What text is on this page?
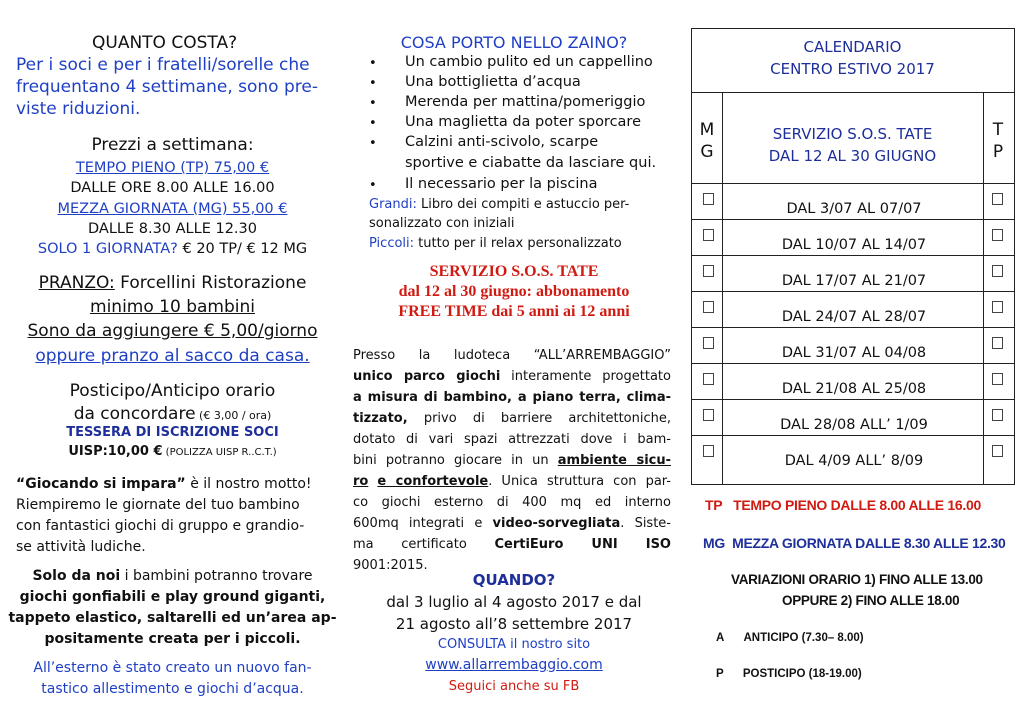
QUANTO COSTA?
Per i soci e per i fratelli/sorelle che
frequentano 4 settimane, sono pre-
viste riduzioni.
Prezzi a settimana:
TEMPO PIENO (TP) 75,00 €
DALLE ORE 8.00 ALLE 16.00
MEZZA GIORNATA (MG) 55,00 €
DALLE 8.30 ALLE 12.30
SOLO 1 GIORNATA? € 20 TP/ € 12 MG
PRANZO: Forcellini Ristorazione
minimo 10 bambini
Sono da aggiungere € 5,00/giorno
oppure pranzo al sacco da casa.
Posticipo/Anticipo orario
da concordare (€ 3,00 / ora)
TESSERA DI ISCRIZIONE SOCI
UISP:10,00 € (POLIZZA UISP R..C.T.)
“Giocando si impara” è il nostro motto!
Riempiremo le giornate del tuo bambino
con fantastici giochi di gruppo e grandio-
se attività ludiche.
Solo da noi i bambini potranno trovare
giochi gonfiabili e play ground giganti,
tappeto elastico, saltarelli ed un’area ap-
positamente creata per i piccoli.
All’esterno è stato creato un nuovo fan-
tastico allestimento e giochi d’acqua.
COSA PORTO NELLO ZAINO?
• Un cambio pulito ed un cappellino
• Una bottiglietta d’acqua
• Merenda per mattina/pomeriggio
• Una maglietta da poter sporcare
• Calzini anti-scivolo, scarpe
sportive e ciabatte da lasciare qui.
• Il necessario per la piscina
Grandi: Libro dei compiti e astuccio per-
sonalizzato con iniziali
Piccoli: tutto per il relax personalizzato
SERVIZIO S.O.S. TATE
dal 12 al 30 giugno: abbonamento
FREE TIME dai 5 anni ai 12 anni
Presso la ludoteca “ALL’ARREMBAGGIO”
unico parco giochi interamente progettato
a misura di bambino, a piano terra, clima-
tizzato, privo di barriere architettoniche,
dotato di vari spazi attrezzati dove i bam-
bini potranno giocare in un ambiente sicu-
ro e confortevole. Unica struttura con par-
co giochi esterno di 400 mq ed interno
600mq integrati e video-sorvegliata. Siste-
ma certificato CertiEuro UNI ISO
9001:2015.
QUANDO?
dal 3 luglio al 4 agosto 2017 e dal
21 agosto all’8 settembre 2017
CONSULTA il nostro sito
www.allarrembaggio.com
Seguici anche su FB
CALENDARIO
CENTRO ESTIVO 2017
M
G
SERVIZIO S.O.S. TATE
DAL 12 AL 30 GIUGNO
T
P
DAL 3/07 AL 07/07
DAL 10/07 AL 14/07
DAL 17/07 AL 21/07
DAL 24/07 AL 28/07
DAL 31/07 AL 04/08
DAL 21/08 AL 25/08
DAL 28/08 ALL’ 1/09
DAL 4/09 ALL’ 8/09
TP TEMPO PIENO DALLE 8.00 ALLE 16.00
MG MEZZA GIORNATA DALLE 8.30 ALLE 12.30
VARIAZIONI ORARIO 1) FINO ALLE 13.00
OPPURE 2) FINO ALLE 18.00
A ANTICIPO (7.30– 8.00)
P POSTICIPO (18-19.00)
